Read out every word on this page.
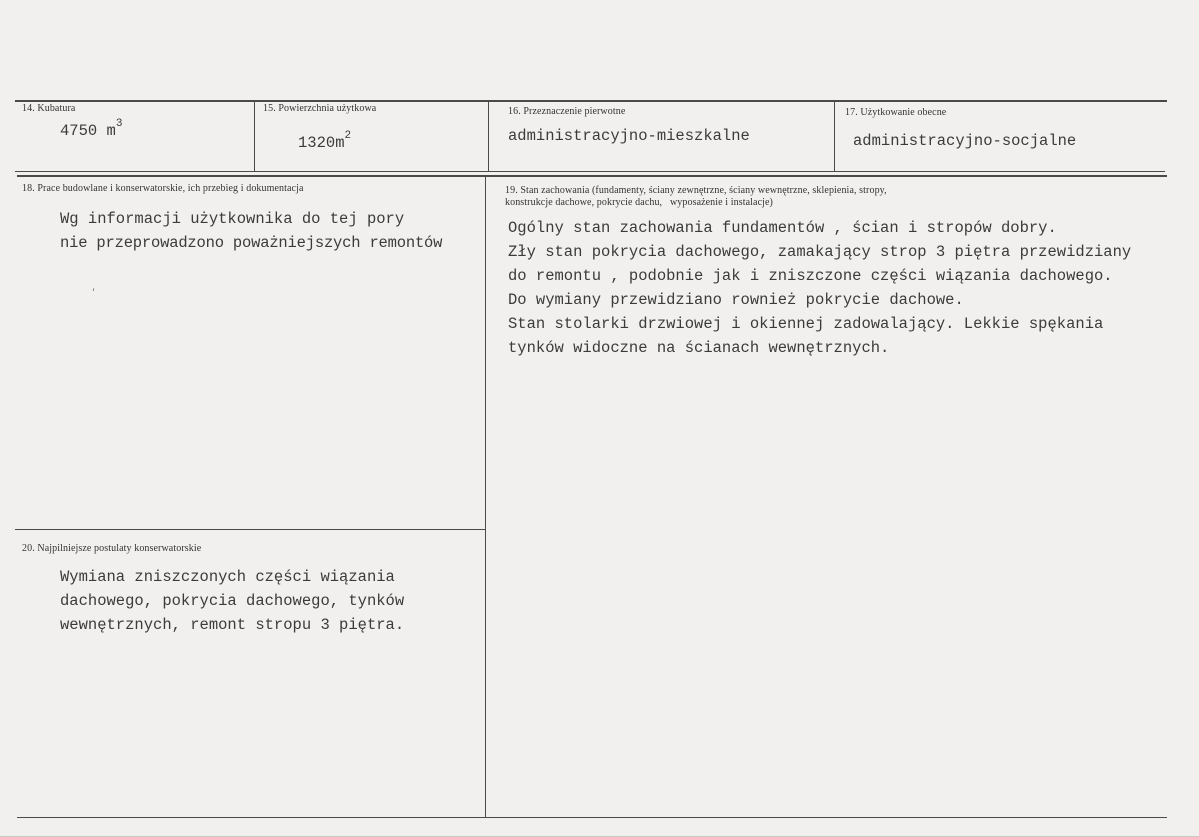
14. Kubatura
4750 $m^3$
15. Powierzchnia użytkowa
$1320m^2$
16. Przeznaczenie pierwotne
administracyjno-mieszkalne
17. Użytkowanie obecne
administracyjno-socjalne
18. Prace budowlane i konserwatorskie, ich przebieg i dokumentacja
Wg informacji użytkownika do tej pory
nie przeprowadzono poważniejszych remontów
ʹ
19. Stan zachowania (fundamenty, ściany zewnętrzne, ściany wewnętrzne, sklepienia, stropy,
konstrukcje dachowe, pokrycie dachu,   wyposażenie i instalacje)
Ogólny stan zachowania fundamentów , ścian i stropów dobry.
Zły stan pokrycia dachowego, zamakający strop 3 piętra przewidziany
do remontu , podobnie jak i zniszczone części wiązania dachowego.
Do wymiany przewidziano rownież pokrycie dachowe.
Stan stolarki drzwiowej i okiennej zadowalający. Lekkie spękania
tynków widoczne na ścianach wewnętrznych.
20. Najpilniejsze postulaty konserwatorskie
Wymiana zniszczonych części wiązania
dachowego, pokrycia dachowego, tynków
wewnętrznych, remont stropu 3 piętra.
